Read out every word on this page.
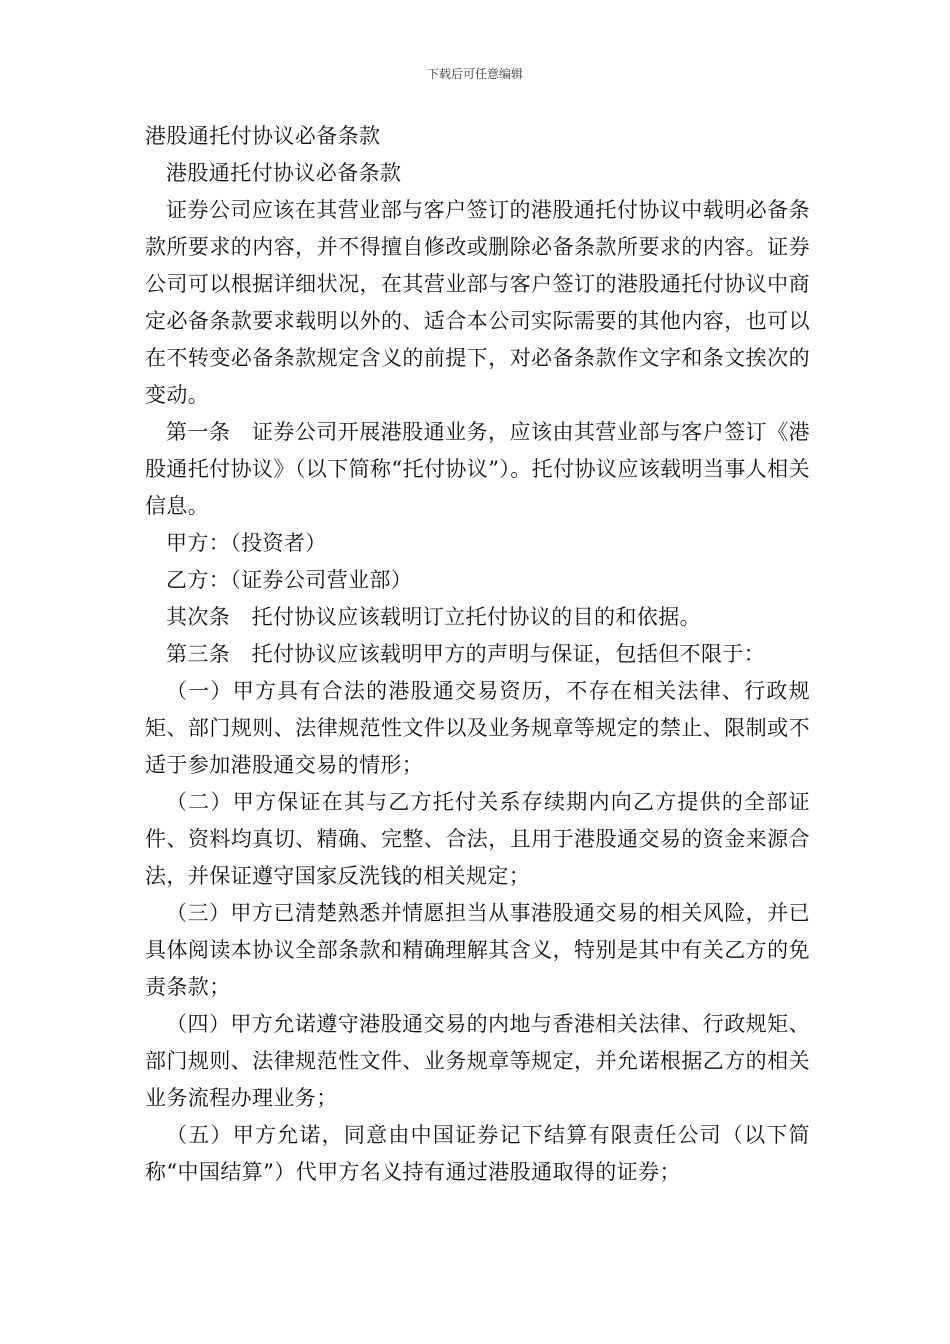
下载后可任意编辑

港股通托付协议必备条款

港股通托付协议必备条款

证券公司应该在其营业部与客户签订的港股通托付协议中载明必备条款所要求的内容，并不得擅自修改或删除必备条款所要求的内容。证券公司可以根据详细状况，在其营业部与客户签订的港股通托付协议中商定必备条款要求载明以外的、适合本公司实际需要的其他内容，也可以在不转变必备条款规定含义的前提下，对必备条款作文字和条文挨次的变动。

第一条　证券公司开展港股通业务，应该由其营业部与客户签订《港股通托付协议》（以下简称“托付协议”）。托付协议应该载明当事人相关信息。

甲方：（投资者）

乙方：（证券公司营业部）

其次条　托付协议应该载明订立托付协议的目的和依据。

第三条　托付协议应该载明甲方的声明与保证，包括但不限于：

（一）甲方具有合法的港股通交易资历，不存在相关法律、行政规矩、部门规则、法律规范性文件以及业务规章等规定的禁止、限制或不适于参加港股通交易的情形；

（二）甲方保证在其与乙方托付关系存续期内向乙方提供的全部证件、资料均真切、精确、完整、合法，且用于港股通交易的资金来源合法，并保证遵守国家反洗钱的相关规定；

（三）甲方已清楚熟悉并情愿担当从事港股通交易的相关风险，并已具体阅读本协议全部条款和精确理解其含义，特别是其中有关乙方的免责条款；

（四）甲方允诺遵守港股通交易的内地与香港相关法律、行政规矩、部门规则、法律规范性文件、业务规章等规定，并允诺根据乙方的相关业务流程办理业务；

（五）甲方允诺，同意由中国证券记下结算有限责任公司（以下简称“中国结算”）代甲方名义持有通过港股通取得的证券；
